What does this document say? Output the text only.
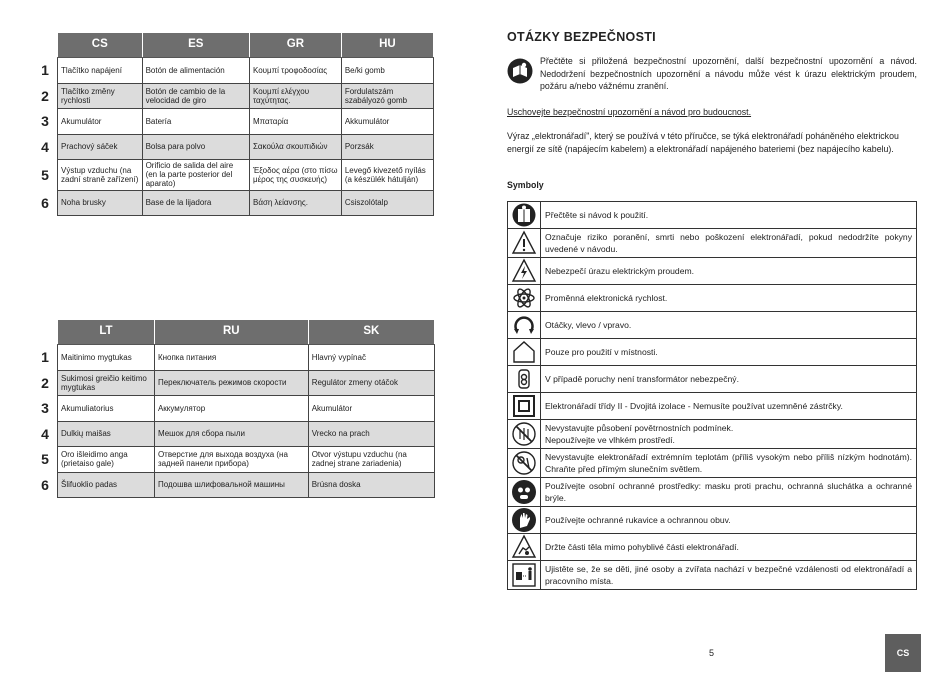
	CS	ES	GR	HU
1	Tlačítko napájení	Botón de alimentación	Κουμπί τροφοδοσίας	Be/ki gomb
2	Tlačítko změny rychlosti	Botón de cambio de la velocidad de giro	Κουμπί ελέγχου ταχύτητας.	Fordulatszám szabályozó gomb
3	Akumulátor	Batería	Μπαταρία	Akkumulátor
4	Prachový sáček	Bolsa para polvo	Σακούλα σκουπιδιών	Porzsák
5	Výstup vzduchu (na zadní straně zařízení)	Orificio de salida del aire (en la parte posterior del aparato)	Έξοδος αέρα (στο πίσω μέρος της συσκευής)	Levegő kivezető nyílás (a készülék hátulján)
6	Noha brusky	Base de la lijadora	Βάση λείανσης.	Csiszolótalp
	LT	RU	SK
1	Maitinimo mygtukas	Кнопка питания	Hlavný vypínač
2	Sukimosi greičio keitimo mygtukas	Переключатель режимов скорости	Regulátor zmeny otáčok
3	Akumuliatorius	Аккумулятор	Akumulátor
4	Dulkių maišas	Мешок для сбора пыли	Vrecko na prach
5	Oro išleidimo anga (prietaiso gale)	Отверстие для выхода воздуха (на задней панели прибора)	Otvor výstupu vzduchu (na zadnej strane zariadenia)
6	Šlifuoklio padas	Подошва шлифовальной машины	Brúsna doska
OTÁZKY BEZPEČNOSTI
Přečtěte si přiložená bezpečnostní upozornění, další bezpečnostní upozornění a návod. Nedodržení bezpečnostních upozornění a návodu může vést k úrazu elektrickým proudem, požáru a/nebo vážnému zranění.
Uschovejte bezpečnostní upozornění a návod pro budoucnost.
Výraz „elektronářadí", který se používá v této příručce, se týká elektronářadí poháněného elektrickou energií ze sítě (napájecím kabelem) a elektronářadí napájeného bateriemi (bez napájecího kabelu).
Symboly
	Přečtěte si návod k použití.

	Označuje riziko poranění, smrti nebo poškození elektronářadí, pokud nedodržíte pokyny uvedené v návodu.

	Nebezpečí úrazu elektrickým proudem.

	Proměnná elektronická rychlost.

	Otáčky, vlevo / vpravo.

	Pouze pro použití v místnosti.

	V případě poruchy není transformátor nebezpečný.

	Elektronářadí třídy II - Dvojitá izolace - Nemusíte používat uzemněné zástrčky.

	Nevystavujte působení povětrnostních podmínek.
Nepoužívejte ve vlhkém prostředí.

	Nevystavujte elektronářadí extrémním teplotám (příliš vysokým nebo příliš nízkým hodnotám). Chraňte před přímým slunečním světlem.

	Používejte osobní ochranné prostředky: masku proti prachu, ochranná sluchátka a ochranné brýle.

	Používejte ochranné rukavice a ochrannou obuv.

	Držte části těla mimo pohyblivé části elektronářadí.

	Ujistěte se, že se děti, jiné osoby a zvířata nachází v bezpečné vzdálenosti od elektronářadí a pracovního místa.
5	CS
